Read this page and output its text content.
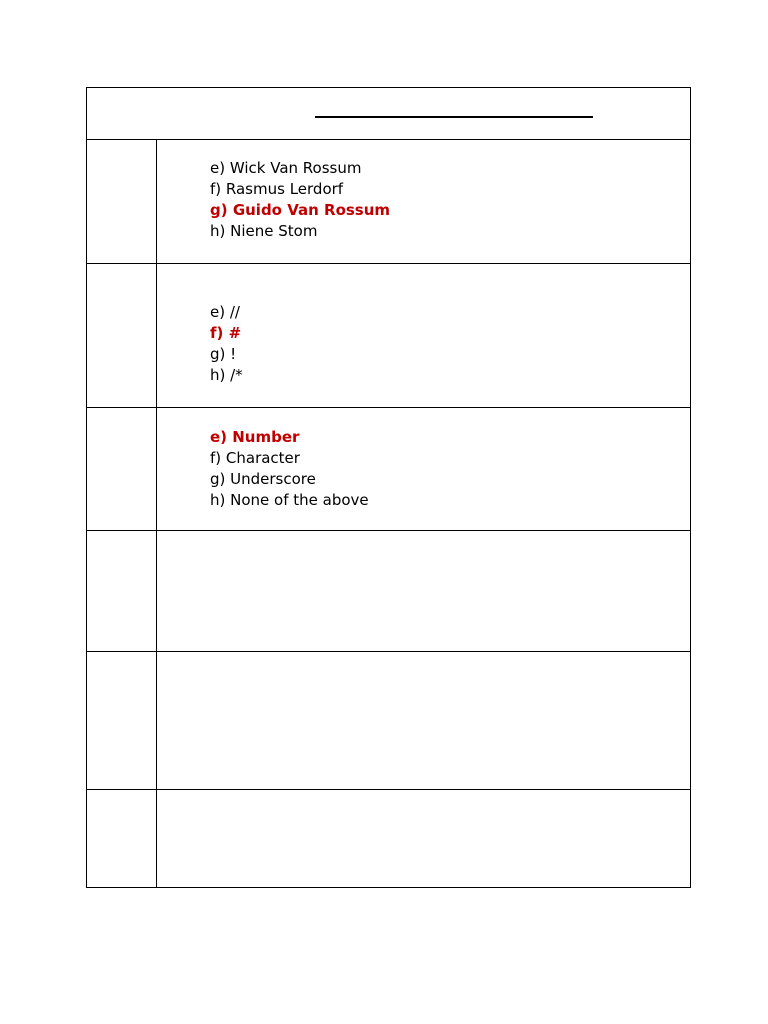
e) Wick Van Rossum
f) Rasmus Lerdorf
g) Guido Van Rossum
h) Niene Stom
e) //
f) #
g) !
h) /*
e) Number
f) Character
g) Underscore
h) None of the above
